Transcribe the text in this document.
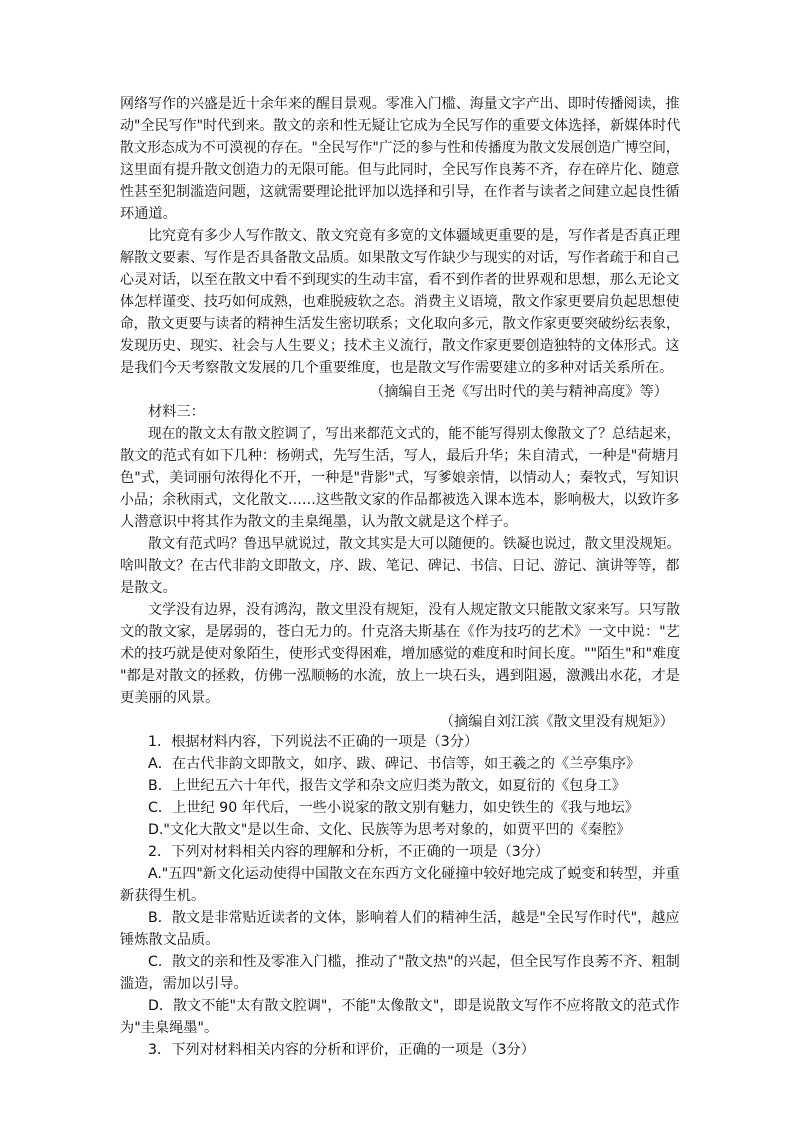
网络写作的兴盛是近十余年来的醒目景观。零准入门槛、海量文字产出、即时传播阅读，推
动"全民写作"时代到来。散文的亲和性无疑让它成为全民写作的重要文体选择，新媒体时代
散文形态成为不可漠视的存在。"全民写作"广泛的参与性和传播度为散文发展创造广博空间，
这里面有提升散文创造力的无限可能。但与此同时，全民写作良莠不齐，存在碎片化、随意
性甚至犯制滥造问题，这就需要理论批评加以选择和引导，在作者与读者之间建立起良性循
环通道。
比究竟有多少人写作散文、散文究竟有多宽的文体疆域更重要的是，写作者是否真正理
解散文要素、写作是否具备散文品质。如果散文写作缺少与现实的对话，写作者疏于和自己
心灵对话，以至在散文中看不到现实的生动丰富，看不到作者的世界观和思想，那么无论文
体怎样谨变、技巧如何成熟，也难脱疲软之态。消费主义语境，散文作家更要肩负起思想使
命，散文更要与读者的精神生活发生密切联系；文化取向多元，散文作家更要突破纷纭表象，
发现历史、现实、社会与人生要义；技术主义流行，散文作家更要创造独特的文体形式。这
是我们今天考察散文发展的几个重要维度，也是散文写作需要建立的多种对话关系所在。
（摘编自王尧《写出时代的美与精神高度》等）
材料三：
现在的散文太有散文腔调了，写出来都范文式的，能不能写得别太像散文了？总结起来，
散文的范式有如下几种：杨朔式，先写生活，写人，最后升华；朱自清式，一种是"荷塘月
色"式，美词丽句浓得化不开，一种是"背影"式，写爹娘亲情，以情动人；秦牧式，写知识
小品；余秋雨式，文化散文……这些散文家的作品都被选入课本选本，影响极大，以致许多
人潜意识中将其作为散文的圭臬绳墨，认为散文就是这个样子。
散文有范式吗？鲁迅早就说过，散文其实是大可以随便的。铁凝也说过，散文里没规矩。
啥叫散文？在古代非韵文即散文，序、跋、笔记、碑记、书信、日记、游记、演讲等等，都
是散文。
文学没有边界，没有鸿沟，散文里没有规矩，没有人规定散文只能散文家来写。只写散
文的散文家，是孱弱的，苍白无力的。什克洛夫斯基在《作为技巧的艺术》一文中说："艺
术的技巧就是使对象陌生，使形式变得困难，增加感觉的难度和时间长度。""陌生"和"难度
"都是对散文的拯救，仿佛一泓顺畅的水流，放上一块石头，遇到阻遏，激溅出水花，才是
更美丽的风景。
（摘编自刘江滨《散文里没有规矩》）
1．根据材料内容，下列说法不正确的一项是（3分）
A．在古代非韵文即散文，如序、跋、碑记、书信等，如王羲之的《兰亭集序》
B．上世纪五六十年代，报告文学和杂文应归类为散文，如夏衍的《包身工》
C．上世纪 90 年代后，一些小说家的散文别有魅力，如史铁生的《我与地坛》
D."文化大散文"是以生命、文化、民族等为思考对象的，如贾平凹的《秦腔》
2．下列对材料相关内容的理解和分析，不正确的一项是（3分）
A."五四"新文化运动使得中国散文在东西方文化碰撞中较好地完成了蜕变和转型，并重
新获得生机。
B．散文是非常贴近读者的文体，影响着人们的精神生活，越是"全民写作时代"，越应
锤炼散文品质。
C．散文的亲和性及零准入门槛，推动了"散文热"的兴起，但全民写作良莠不齐、粗制
滥造，需加以引导。
D．散文不能"太有散文腔调"，不能"太像散文"，即是说散文写作不应将散文的范式作
为"圭臬绳墨"。
3．下列对材料相关内容的分析和评价，正确的一项是（3分）
